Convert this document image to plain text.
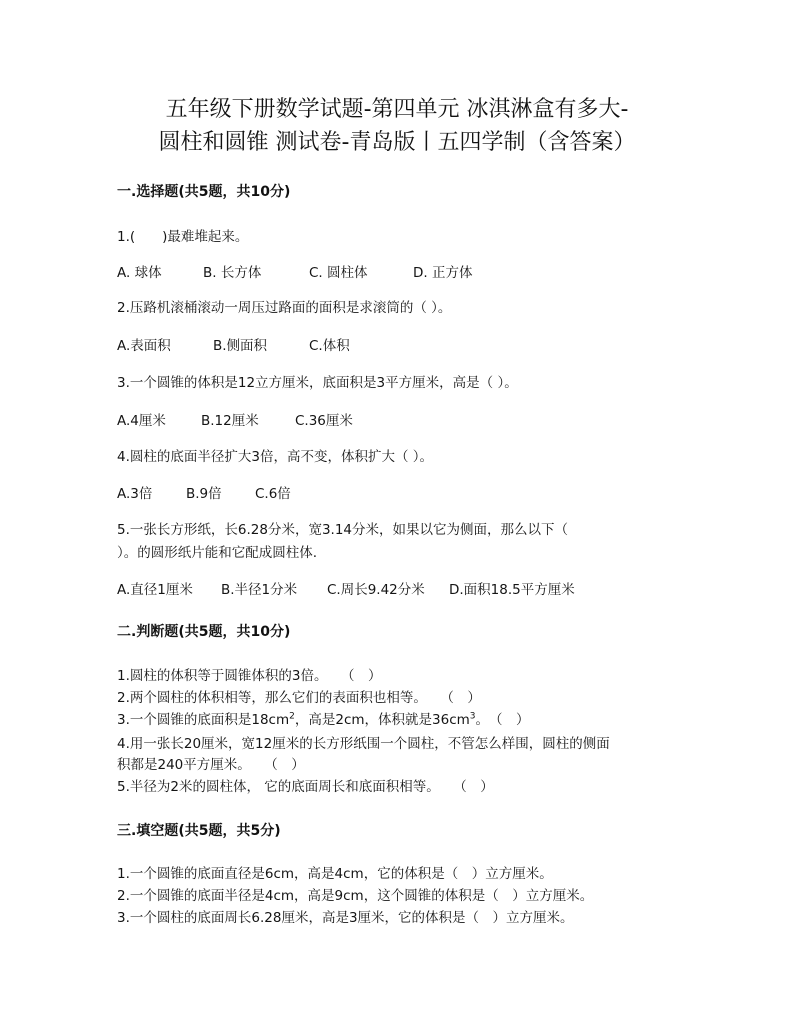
五年级下册数学试题-第四单元 冰淇淋盒有多大-
圆柱和圆锥 测试卷-青岛版丨五四学制（含答案）
一.选择题(共5题，共10分)
1.(　　)最难堆起来。
A. 球体	B. 长方体	C. 圆柱体	D. 正方体
2.压路机滚桶滚动一周压过路面的面积是求滚筒的（ ）。
A.表面积	B.侧面积	C.体积
3.一个圆锥的体积是12立方厘米，底面积是3平方厘米，高是（ ）。
A.4厘米	B.12厘米	C.36厘米
4.圆柱的底面半径扩大3倍，高不变，体积扩大（ ）。
A.3倍 B.9倍 C.6倍
5.一张长方形纸，长6.28分米，宽3.14分米，如果以它为侧面，那么以下（
）。的圆形纸片能和它配成圆柱体.
A.直径1厘米 B.半径1分米 C.周长9.42分米 D.面积18.5平方厘米
二.判断题(共5题，共10分)
1.圆柱的体积等于圆锥体积的3倍。　　（　）
2.两个圆柱的体积相等，那么它们的表面积也相等。　　（　）
3.一个圆锥的底面积是$18cm^2$，高是2cm，体积就是$36cm^3$。　（　）
4.用一张长20厘米，宽12厘米的长方形纸围一个圆柱，不管怎么样围，圆柱的侧面
积都是240平方厘米。　　（　）
5.半径为2米的圆柱体， 它的底面周长和底面积相等。　　（　）
三.填空题(共5题，共5分)
1.一个圆锥的底面直径是6cm，高是4cm，它的体积是（　）立方厘米。
2.一个圆锥的底面半径是4cm，高是9cm，这个圆锥的体积是（　）立方厘米。
3.一个圆柱的底面周长6.28厘米，高是3厘米，它的体积是（　）立方厘米。
